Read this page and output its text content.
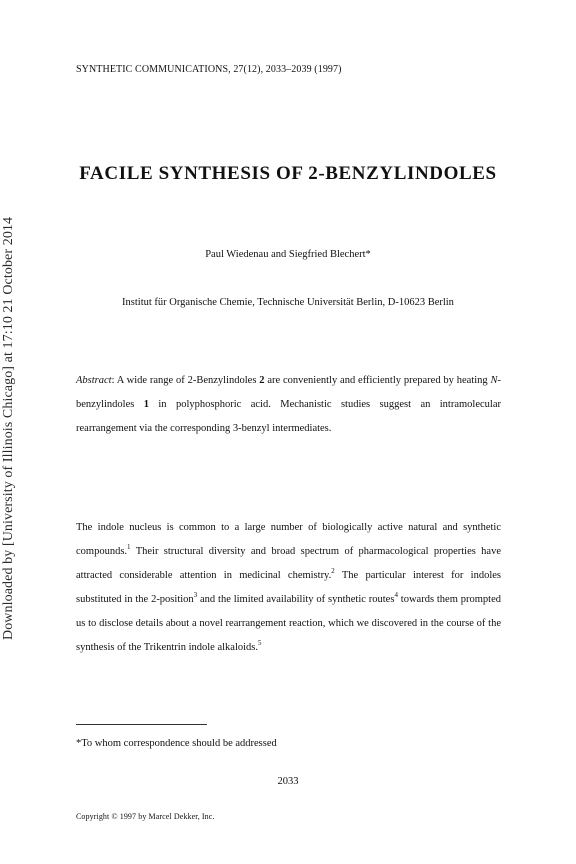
Downloaded by [University of Illinois Chicago] at 17:10 21 October 2014
SYNTHETIC COMMUNICATIONS, 27(12), 2033–2039 (1997)
FACILE SYNTHESIS OF 2-BENZYLINDOLES
Paul Wiedenau and Siegfried Blechert*
Institut für Organische Chemie, Technische Universität Berlin, D-10623 Berlin
Abstract: A wide range of 2-Benzylindoles 2 are conveniently and efficiently prepared by heating N-benzylindoles 1 in polyphosphoric acid. Mechanistic studies suggest an intramolecular rearrangement via the corresponding 3-benzyl intermediates.
The indole nucleus is common to a large number of biologically active natural and synthetic compounds.$^1$ Their structural diversity and broad spectrum of pharmacological properties have attracted considerable attention in medicinal chemistry.$^2$ The particular interest for indoles substituted in the 2-position$^3$ and the limited availability of synthetic routes$^4$ towards them prompted us to disclose details about a novel rearrangement reaction, which we discovered in the course of the synthesis of the Trikentrin indole alkaloids.$^5$
*To whom correspondence should be addressed
2033
Copyright © 1997 by Marcel Dekker, Inc.
